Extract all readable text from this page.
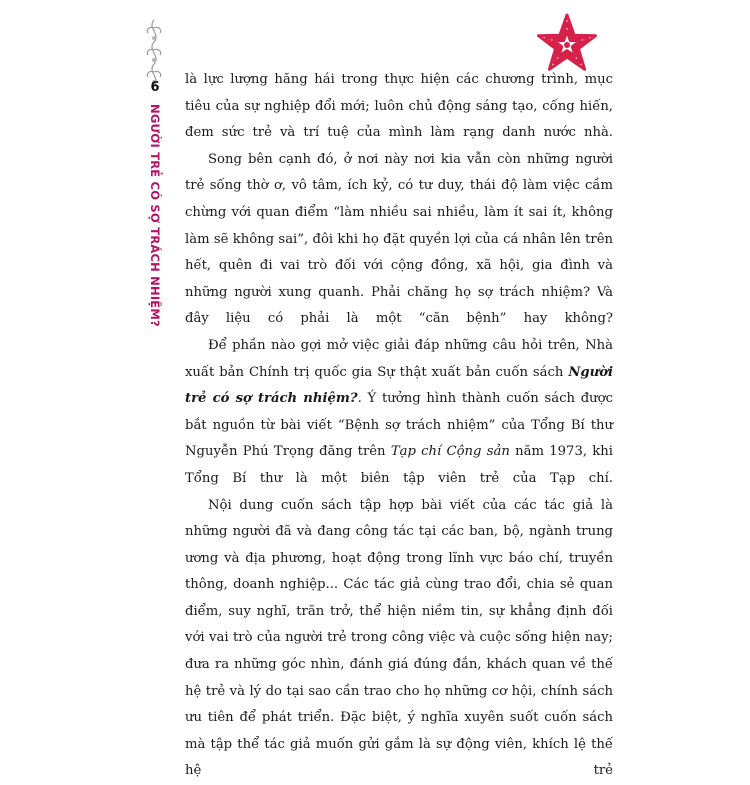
6
NGƯỜI TRẺ CÓ SỢ TRÁCH NHIỆM?

là lực lượng hăng hái trong thực hiện các chương trình, mục tiêu của sự nghiệp đổi mới; luôn chủ động sáng tạo, cống hiến, đem sức trẻ và trí tuệ của mình làm rạng danh nước nhà.

Song bên cạnh đó, ở nơi này nơi kia vẫn còn những người trẻ sống thờ ơ, vô tâm, ích kỷ, có tư duy, thái độ làm việc cầm chừng với quan điểm “làm nhiều sai nhiều, làm ít sai ít, không làm sẽ không sai”, đôi khi họ đặt quyền lợi của cá nhân lên trên hết, quên đi vai trò đối với cộng đồng, xã hội, gia đình và những người xung quanh. Phải chăng họ sợ trách nhiệm? Và đây liệu có phải là một “căn bệnh” hay không?

Để phần nào gợi mở việc giải đáp những câu hỏi trên, Nhà xuất bản Chính trị quốc gia Sự thật xuất bản cuốn sách Người trẻ có sợ trách nhiệm?. Ý tưởng hình thành cuốn sách được bắt nguồn từ bài viết “Bệnh sợ trách nhiệm” của Tổng Bí thư Nguyễn Phú Trọng đăng trên Tạp chí Cộng sản năm 1973, khi Tổng Bí thư là một biên tập viên trẻ của Tạp chí.

Nội dung cuốn sách tập hợp bài viết của các tác giả là những người đã và đang công tác tại các ban, bộ, ngành trung ương và địa phương, hoạt động trong lĩnh vực báo chí, truyền thông, doanh nghiệp... Các tác giả cùng trao đổi, chia sẻ quan điểm, suy nghĩ, trăn trở, thể hiện niềm tin, sự khẳng định đối với vai trò của người trẻ trong công việc và cuộc sống hiện nay; đưa ra những góc nhìn, đánh giá đúng đắn, khách quan về thế hệ trẻ và lý do tại sao cần trao cho họ những cơ hội, chính sách ưu tiên để phát triển. Đặc biệt, ý nghĩa xuyên suốt cuốn sách mà tập thể tác giả muốn gửi gắm là sự động viên, khích lệ thế hệ trẻ
